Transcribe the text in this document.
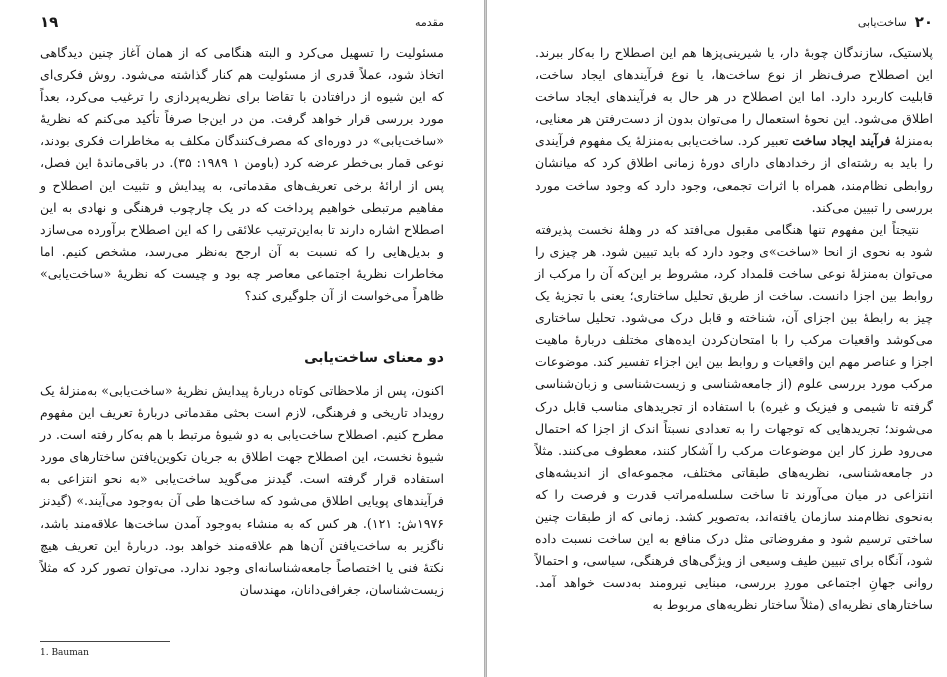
مقدمه
۱۹
مسئولیت را تسهیل می‌کرد و البته هنگامی که از همان آغاز چنین دیدگاهی اتخاذ شود، عملاً قدری از مسئولیت هم کنار گذاشته می‌شود. روش فکری‌ای که این شیوه از درافتادن با تقاضا برای نظریه‌پردازی را ترغیب می‌کرد، بعداً مورد بررسی قرار خواهد گرفت. من در این‌جا صرفاً تأکید می‌کنم که نظریهٔ «ساخت‌یابی» در دوره‌ای که مصرف‌کنندگان مکلف به مخاطرات فکری بودند، نوعی قمار بی‌خطر عرضه کرد (باومن ۱ ۱۹۸۹: ۳۵). در باقی‌ماندهٔ این فصل، پس از ارائهٔ برخی تعریف‌های مقدماتی، به پیدایش و تثبیت این اصطلاح و مفاهیم مرتبطی خواهیم پرداخت که در یک چارچوب فرهنگی و نهادی به این اصطلاح اشاره دارند تا به‌این‌ترتیب علائقی را که این اصطلاح برآورده می‌سازد و بدیل‌هایی را که نسبت به آن ارجح به‌نظر می‌رسد، مشخص کنیم. اما مخاطرات نظریهٔ اجتماعی معاصر چه بود و چیست که نظریهٔ «ساخت‌یابی» ظاهراً می‌خواست از آن جلوگیری کند؟
دو معنای ساخت‌یابی
اکنون، پس از ملاحظاتی کوتاه دربارهٔ پیدایش نظریهٔ «ساخت‌یابی» به‌منزلهٔ یک رویداد تاریخی و فرهنگی، لازم است بحثی مقدماتی دربارهٔ تعریف این مفهوم مطرح کنیم. اصطلاح ساخت‌یابی به دو شیوهٔ مرتبط با هم به‌کار رفته است. در شیوهٔ نخست، این اصطلاح جهت اطلاق به جریان تکوین‌یافتن ساختارهای مورد استفاده قرار گرفته است. گیدنز می‌گوید ساخت‌یابی «به نحو انتزاعی به فرآیندهای پویایی اطلاق می‌شود که ساخت‌ها طی آن به‌وجود می‌آیند.» (گیدنز ۱۹۷۶ش: ۱۲۱). هر کس که به منشاء به‌وجود آمدن ساخت‌ها علاقه‌مند باشد، ناگزیر به ساخت‌یافتن آن‌ها هم علاقه‌مند خواهد بود. دربارهٔ این تعریف هیچ نکتهٔ فنی یا اختصاصاً جامعه‌شناسانه‌ای وجود ندارد. می‌توان تصور کرد که مثلاً زیست‌شناسان، جغرافی‌دانان، مهندسان
1. Bauman
۲۰
ساخت‌یابی

پلاستیک، سازندگان چوبهٔ دار، یا شیرینی‌پزها هم این اصطلاح را به‌کار ببرند. این اصطلاح صرف‌نظر از نوع ساخت‌ها، یا نوع فرآیندهای ایجاد ساخت، قابلیت کاربرد دارد. اما این اصطلاح در هر حال به فرآیندهای ایجاد ساخت اطلاق می‌شود. این نحوهٔ استعمال را می‌توان بدون از دست‌رفتن هر معنایی، به‌منزلهٔ فرآیند ایجاد ساخت تعبیر کرد. ساخت‌یابی به‌منزلهٔ یک مفهوم فرآیندی را باید به رشته‌ای از رخدادهای دارای دورهٔ زمانی اطلاق کرد که میانشان روابطی نظام‌مند، همراه با اثرات تجمعی، وجود دارد که وجود ساخت مورد بررسی را تبیین می‌کند.

نتیجتاً این مفهوم تنها هنگامی مقبول می‌افتد که در وهلهٔ نخست پذیرفته شود به نحوی از انحا «ساخت»ی وجود دارد که باید تبیین شود. هر چیزی را می‌توان به‌منزلهٔ نوعی ساخت قلمداد کرد، مشروط بر این‌که آن را مرکب از روابط بین اجزا دانست. ساخت از طریق تحلیل ساختاری؛ یعنی با تجزیهٔ یک چیز به رابطهٔ بین اجزای آن، شناخته و قابل درک می‌شود. تحلیل ساختاری می‌کوشد واقعیات مرکب را با امتحان‌کردن ایده‌های مختلف دربارهٔ ماهیت اجزا و عناصر مهم این واقعیات و روابط بین این اجزاء تفسیر کند. موضوعات مرکب مورد بررسی علوم (از جامعه‌شناسی و زیست‌شناسی و زبان‌شناسی گرفته تا شیمی و فیزیک و غیره) با استفاده از تجریدهای مناسب قابل درک می‌شوند؛ تجریدهایی که توجهات را به تعدادی نسبتاً اندک از اجزا که احتمال می‌رود طرز کار این موضوعات مرکب را آشکار کنند، معطوف می‌کنند. مثلاً در جامعه‌شناسی، نظریه‌های طبقاتی مختلف، مجموعه‌ای از اندیشه‌های انتزاعی در میان می‌آورند تا ساخت سلسله‌مراتب قدرت و فرصت را که به‌نحوی نظام‌مند سازمان یافته‌اند، به‌تصویر کشد. زمانی که از طبقات چنین ساختی ترسیم شود و مفروضاتی مثل درک منافع به این ساخت نسبت داده شود، آنگاه برای تبیین طیف وسیعی از ویژگی‌های فرهنگی، سیاسی، و احتمالاً روانی جهانِ اجتماعی موردِ بررسی، مبنایی نیرومند به‌دست خواهد آمد. ساختارهای نظریه‌ای (مثلاً ساختار نظریه‌های مربوط به
